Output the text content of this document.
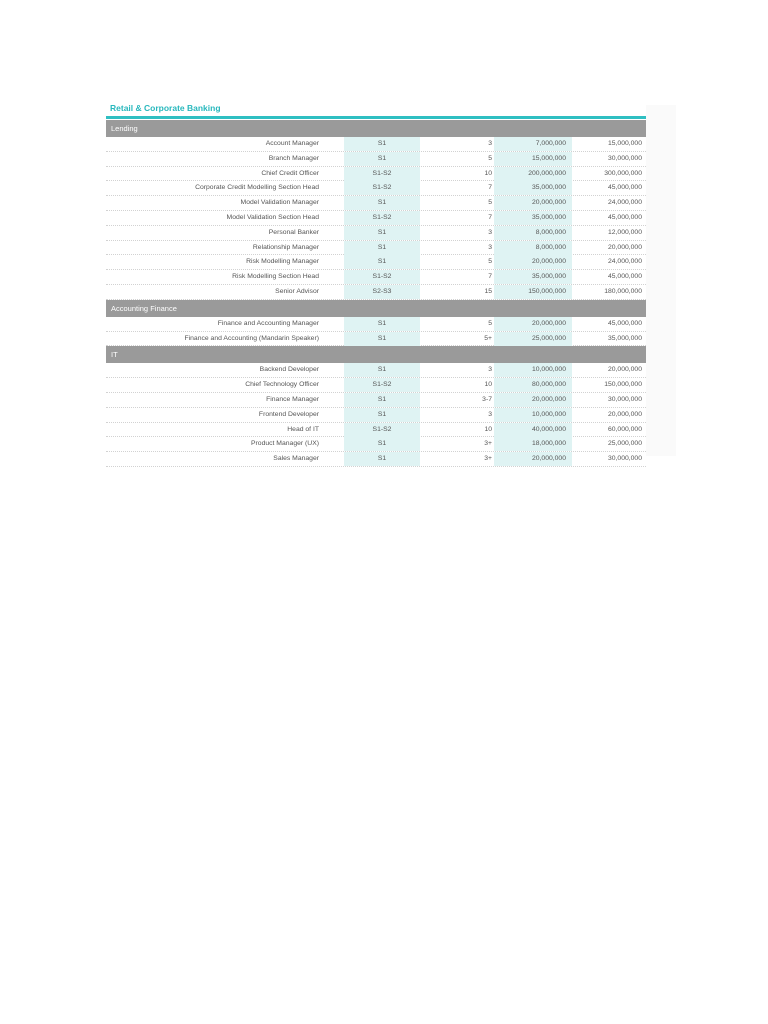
Retail & Corporate Banking
Lending
Account Manager	S1	3	7,000,000	15,000,000
Branch Manager	S1	5	15,000,000	30,000,000
Chief Credit Officer	S1-S2	10	200,000,000	300,000,000
Corporate Credit Modelling Section Head	S1-S2	7	35,000,000	45,000,000
Model Validation Manager	S1	5	20,000,000	24,000,000
Model Validation Section Head	S1-S2	7	35,000,000	45,000,000
Personal Banker	S1	3	8,000,000	12,000,000
Relationship Manager	S1	3	8,000,000	20,000,000
Risk Modelling Manager	S1	5	20,000,000	24,000,000
Risk Modelling Section Head	S1-S2	7	35,000,000	45,000,000
Senior Advisor	S2-S3	15	150,000,000	180,000,000
Accounting Finance
Finance and Accounting Manager	S1	5	20,000,000	45,000,000
Finance and Accounting (Mandarin Speaker)	S1	5+	25,000,000	35,000,000
IT
Backend Developer	S1	3	10,000,000	20,000,000
Chief Technology Officer	S1-S2	10	80,000,000	150,000,000
Finance Manager	S1	3-7	20,000,000	30,000,000
Frontend Developer	S1	3	10,000,000	20,000,000
Head of IT	S1-S2	10	40,000,000	60,000,000
Product Manager (UX)	S1	3+	18,000,000	25,000,000
Sales Manager	S1	3+	20,000,000	30,000,000
